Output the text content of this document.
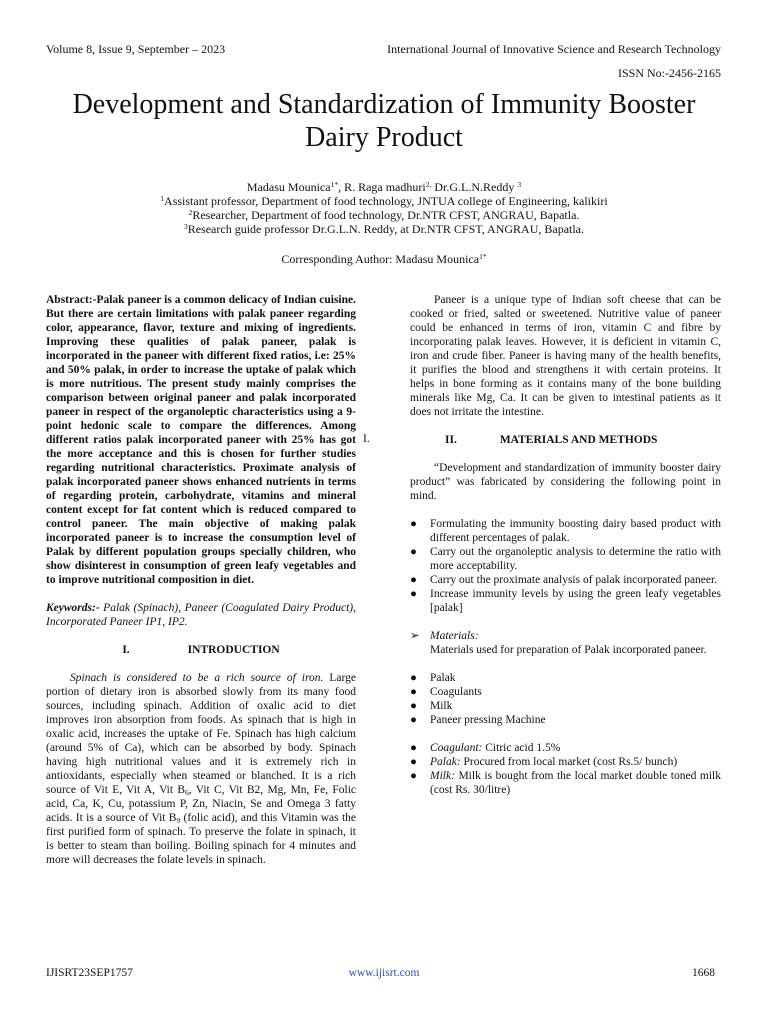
Volume 8, Issue 9, September – 2023	International Journal of Innovative Science and Research Technology
ISSN No:-2456-2165
Development and Standardization of Immunity Booster Dairy Product
Madasu Mounica$^{1*}$, R. Raga madhuri$^{2,}$ Dr.G.L.N.Reddy $^3$
$^1$Assistant professor, Department of food technology, JNTUA college of Engineering, kalikiri
$^2$Researcher, Department of food technology, Dr.NTR CFST, ANGRAU, Bapatla.
$^3$Research guide professor Dr.G.L.N. Reddy, at Dr.NTR CFST, ANGRAU, Bapatla.
Corresponding Author: Madasu Mounica$^{1*}$

Abstract:-Palak paneer is a common delicacy of Indian cuisine. But there are certain limitations with palak paneer regarding color, appearance, flavor, texture and mixing of ingredients. Improving these qualities of palak paneer, palak is incorporated in the paneer with different fixed ratios, i.e: 25% and 50% palak, in order to increase the uptake of palak which is more nutritious. The present study mainly comprises the comparison between original paneer and palak incorporated paneer in respect of the organoleptic characteristics using a 9-point hedonic scale to compare the differences. Among different ratios palak incorporated paneer with 25% has got the more acceptance and this is chosen for further studies regarding nutritional characteristics. Proximate analysis of palak incorporated paneer shows enhanced nutrients in terms of regarding protein, carbohydrate, vitamins and mineral content except for fat content which is reduced compared to control paneer. The main objective of making palak incorporated paneer is to increase the consumption level of Palak by different population groups specially children, who show disinterest in consumption of green leafy vegetables and to improve nutritional composition in diet.

Keywords:- Palak (Spinach), Paneer (Coagulated Dairy Product), Incorporated Paneer IP1, IP2.

I.	INTRODUCTION

Spinach is considered to be a rich source of iron. Large portion of dietary iron is absorbed slowly from its many food sources, including spinach. Addition of oxalic acid to diet improves iron absorption from foods. As spinach that is high in oxalic acid, increases the uptake of Fe. Spinach has high calcium (around 5% of Ca), which can be absorbed by body. Spinach having high nutritional values and it is extremely rich in antioxidants, especially when steamed or blanched. It is a rich source of Vit E, Vit A, Vit $B_6$, Vit C, Vit B2, Mg, Mn, Fe, Folic acid, Ca, K, Cu, potassium P, Zn, Niacin, Se and Omega 3 fatty acids. It is a source of Vit $B_9$ (folic acid), and this Vitamin was the first purified form of spinach. To preserve the folate in spinach, it is better to steam than boiling. Boiling spinach for 4 minutes and more will decreases the folate levels in spinach.

I.

Paneer is a unique type of Indian soft cheese that can be cooked or fried, salted or sweetened. Nutritive value of paneer could be enhanced in terms of iron, vitamin C and fibre by incorporating palak leaves. However, it is deficient in vitamin C, iron and crude fiber. Paneer is having many of the health benefits, it purifies the blood and strengthens it with certain proteins. It helps in bone forming as it contains many of the bone building minerals like Mg, Ca. It can be given to intestinal patients as it does not irritate the intestine.

II.	MATERIALS AND METHODS

“Development and standardization of immunity booster dairy product” was fabricated by considering the following point in mind.

● Formulating the immunity boosting dairy based product with different percentages of palak.
● Carry out the organoleptic analysis to determine the ratio with more acceptability.
● Carry out the proximate analysis of palak incorporated paneer.
● Increase immunity levels by using the green leafy vegetables [palak]
➢ Materials:

Materials used for preparation of Palak incorporated paneer.

● Palak
● Coagulants
● Milk
● Paneer pressing Machine
● Coagulant: Citric acid 1.5%
● Palak: Procured from local market (cost Rs.5/ bunch)
● Milk: Milk is bought from the local market double toned milk (cost Rs. 30/litre)
IJISRT23SEP1757	www.ijisrt.com	1668
